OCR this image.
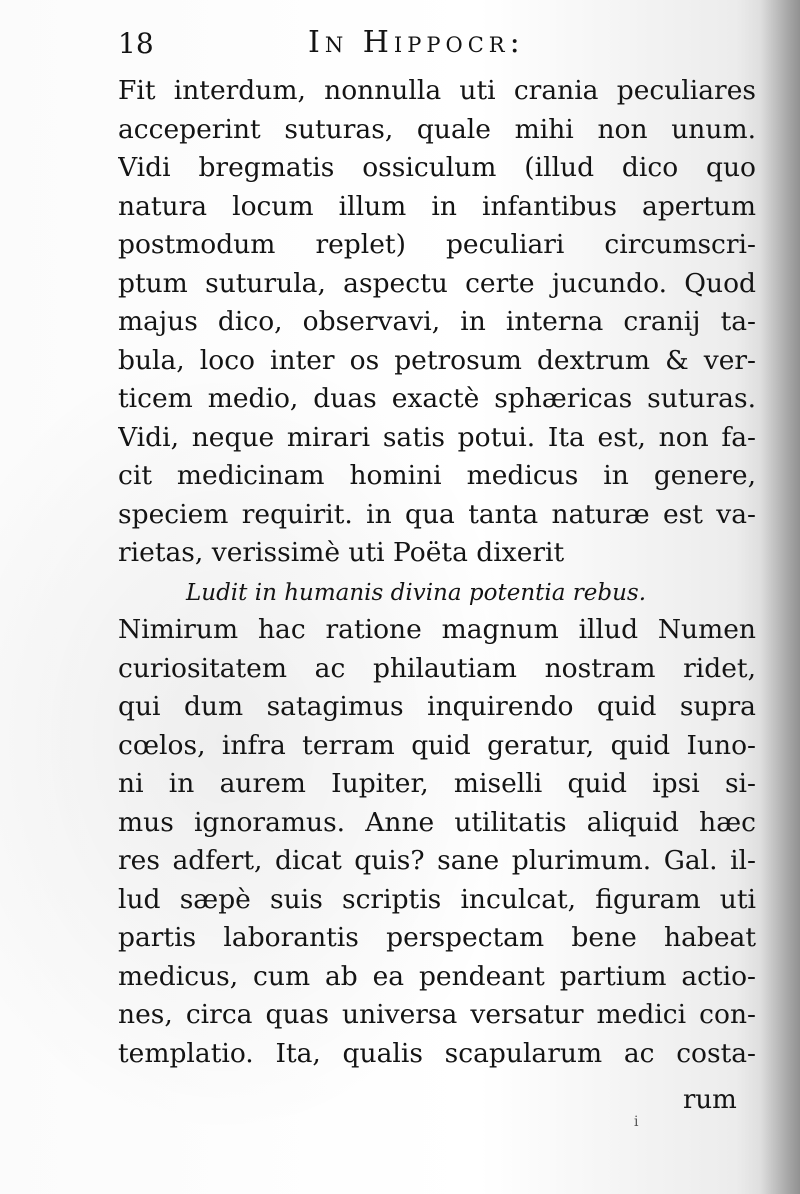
18	In Hippocr:
Fit interdum, nonnulla uti crania peculiares
acceperint suturas, quale mihi non unum.
Vidi bregmatis ossiculum (illud dico quo
natura locum illum in infantibus apertum
postmodum replet) peculiari circumscri-
ptum suturula, aspectu certe jucundo. Quod
majus dico, observavi, in interna cranij ta-
bula, loco inter os petrosum dextrum & ver-
ticem medio, duas exactè sphæricas suturas.
Vidi, neque mirari satis potui. Ita est, non fa-
cit medicinam homini medicus in genere,
speciem requirit. in qua tanta naturæ est va-
rietas, verissimè uti Poëta dixerit
Ludit in humanis divina potentia rebus.
Nimirum hac ratione magnum illud Numen
curiositatem ac philautiam nostram ridet,
qui dum satagimus inquirendo quid supra
cœlos, infra terram quid geratur, quid Iuno-
ni in aurem Iupiter, miselli quid ipsi si-
mus ignoramus. Anne utilitatis aliquid hæc
res adfert, dicat quis? sane plurimum. Gal. il-
lud sæpè suis scriptis inculcat, figuram uti
partis laborantis perspectam bene habeat
medicus, cum ab ea pendeant partium actio-
nes, circa quas universa versatur medici con-
templatio. Ita, qualis scapularum ac costa-
rum
i
